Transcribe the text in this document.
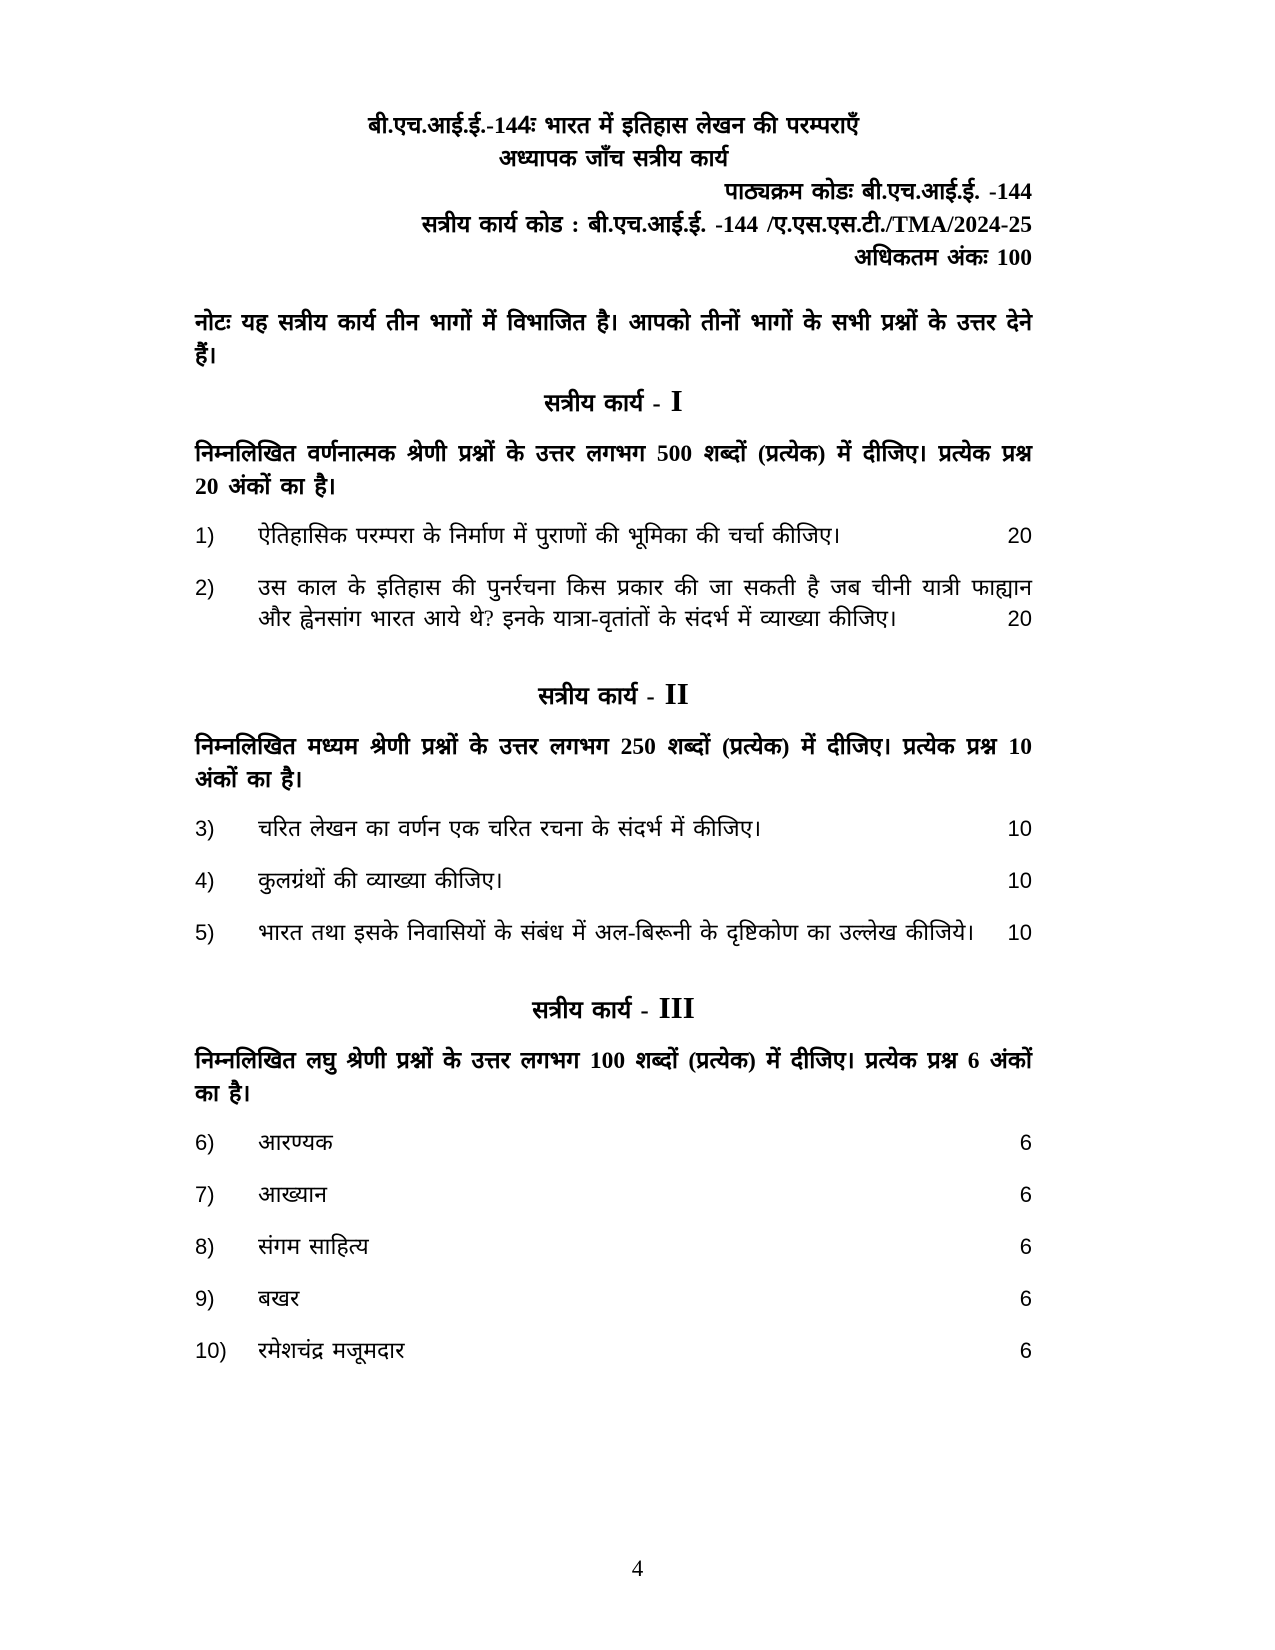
बी.एच.आई.ई.-144ः भारत में इतिहास लेखन की परम्पराएँ
अध्यापक जाँच सत्रीय कार्य
पाठ्यक्रम कोडः बी.एच.आई.ई. -144
सत्रीय कार्य कोड : बी.एच.आई.ई. -144 /ए.एस.एस.टी./TMA/2024-25
अधिकतम अंकः 100

नोटः यह सत्रीय कार्य तीन भागों में विभाजित है। आपको तीनों भागों के सभी प्रश्नों के उत्तर देने हैं।

सत्रीय कार्य - I

निम्नलिखित वर्णनात्मक श्रेणी प्रश्नों के उत्तर लगभग 500 शब्दों (प्रत्येक) में दीजिए। प्रत्येक प्रश्न 20 अंकों का है।

1)	ऐतिहासिक परम्परा के निर्माण में पुराणों की भूमिका की चर्चा कीजिए।	20
2)	उस काल के इतिहास की पुनर्रचना किस प्रकार की जा सकती है जब चीनी यात्री फाह्यान और ह्वेनसांग भारत आये थे? इनके यात्रा-वृतांतों के संदर्भ में व्याख्या कीजिए।	20
सत्रीय कार्य - II

निम्नलिखित मध्यम श्रेणी प्रश्नों के उत्तर लगभग 250 शब्दों (प्रत्येक) में दीजिए। प्रत्येक प्रश्न 10 अंकों का है।

3)	चरित लेखन का वर्णन एक चरित रचना के संदर्भ में कीजिए।	10
4)	कुलग्रंथों की व्याख्या कीजिए।	10
5)	भारत तथा इसके निवासियों के संबंध में अल-बिरूनी के दृष्टिकोण का उल्लेख कीजिये।	10
सत्रीय कार्य - III

निम्नलिखित लघु श्रेणी प्रश्नों के उत्तर लगभग 100 शब्दों (प्रत्येक) में दीजिए। प्रत्येक प्रश्न 6 अंकों का है।

6)	आरण्यक	6
7)	आख्यान	6
8)	संगम साहित्य	6
9)	बखर	6
10)	रमेशचंद्र मजूमदार	6
4
